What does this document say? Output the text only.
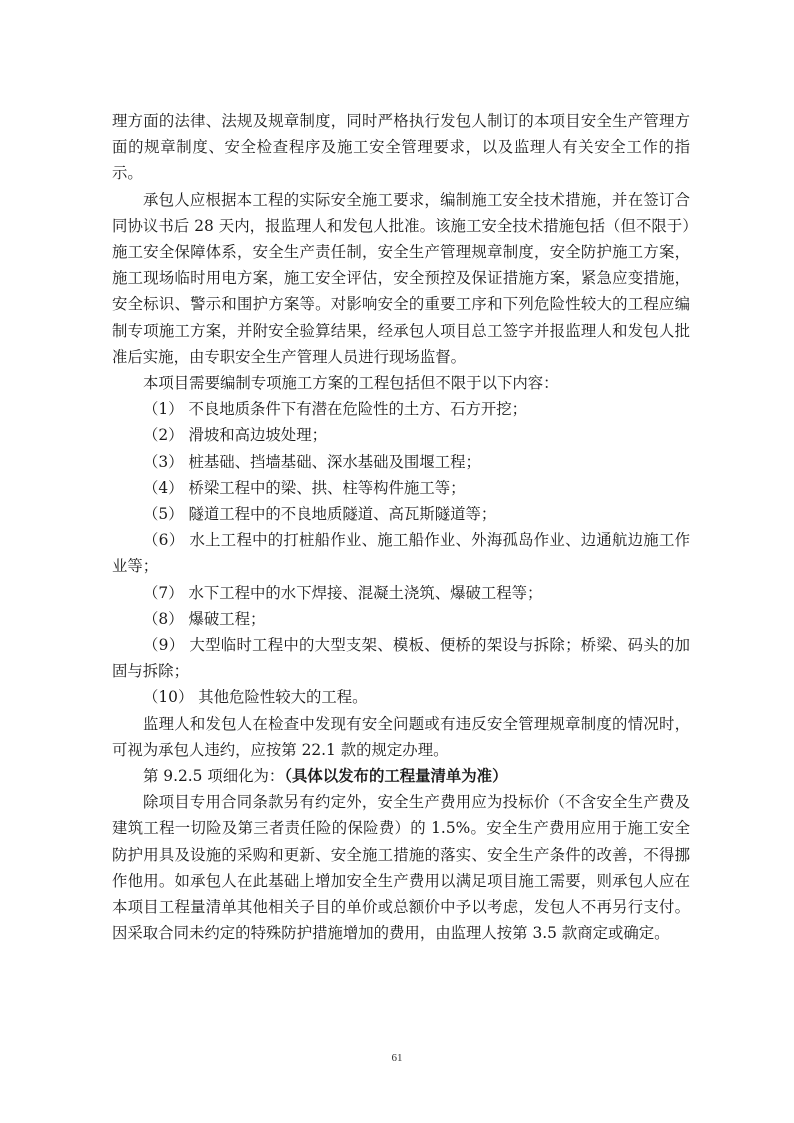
理方面的法律、法规及规章制度，同时严格执行发包人制订的本项目安全生产管理方面的规章制度、安全检查程序及施工安全管理要求，以及监理人有关安全工作的指示。

承包人应根据本工程的实际安全施工要求，编制施工安全技术措施，并在签订合同协议书后 28 天内，报监理人和发包人批准。该施工安全技术措施包括（但不限于）施工安全保障体系，安全生产责任制，安全生产管理规章制度，安全防护施工方案，施工现场临时用电方案，施工安全评估，安全预控及保证措施方案，紧急应变措施，安全标识、警示和围护方案等。对影响安全的重要工序和下列危险性较大的工程应编制专项施工方案，并附安全验算结果，经承包人项目总工签字并报监理人和发包人批准后实施，由专职安全生产管理人员进行现场监督。

本项目需要编制专项施工方案的工程包括但不限于以下内容：

（1） 不良地质条件下有潜在危险性的土方、石方开挖；

（2） 滑坡和高边坡处理；

（3） 桩基础、挡墙基础、深水基础及围堰工程；

（4） 桥梁工程中的梁、拱、柱等构件施工等；

（5） 隧道工程中的不良地质隧道、高瓦斯隧道等；

（6） 水上工程中的打桩船作业、施工船作业、外海孤岛作业、边通航边施工作业等；

（7） 水下工程中的水下焊接、混凝土浇筑、爆破工程等；

（8） 爆破工程；

（9） 大型临时工程中的大型支架、模板、便桥的架设与拆除；桥梁、码头的加固与拆除；

（10） 其他危险性较大的工程。

监理人和发包人在检查中发现有安全问题或有违反安全管理规章制度的情况时，可视为承包人违约，应按第 22.1 款的规定办理。

第 9.2.5 项细化为：（具体以发布的工程量清单为准）

除项目专用合同条款另有约定外，安全生产费用应为投标价（不含安全生产费及建筑工程一切险及第三者责任险的保险费）的 1.5%。安全生产费用应用于施工安全防护用具及设施的采购和更新、安全施工措施的落实、安全生产条件的改善，不得挪作他用。如承包人在此基础上增加安全生产费用以满足项目施工需要，则承包人应在本项目工程量清单其他相关子目的单价或总额价中予以考虑，发包人不再另行支付。因采取合同未约定的特殊防护措施增加的费用，由监理人按第 3.5 款商定或确定。

61
